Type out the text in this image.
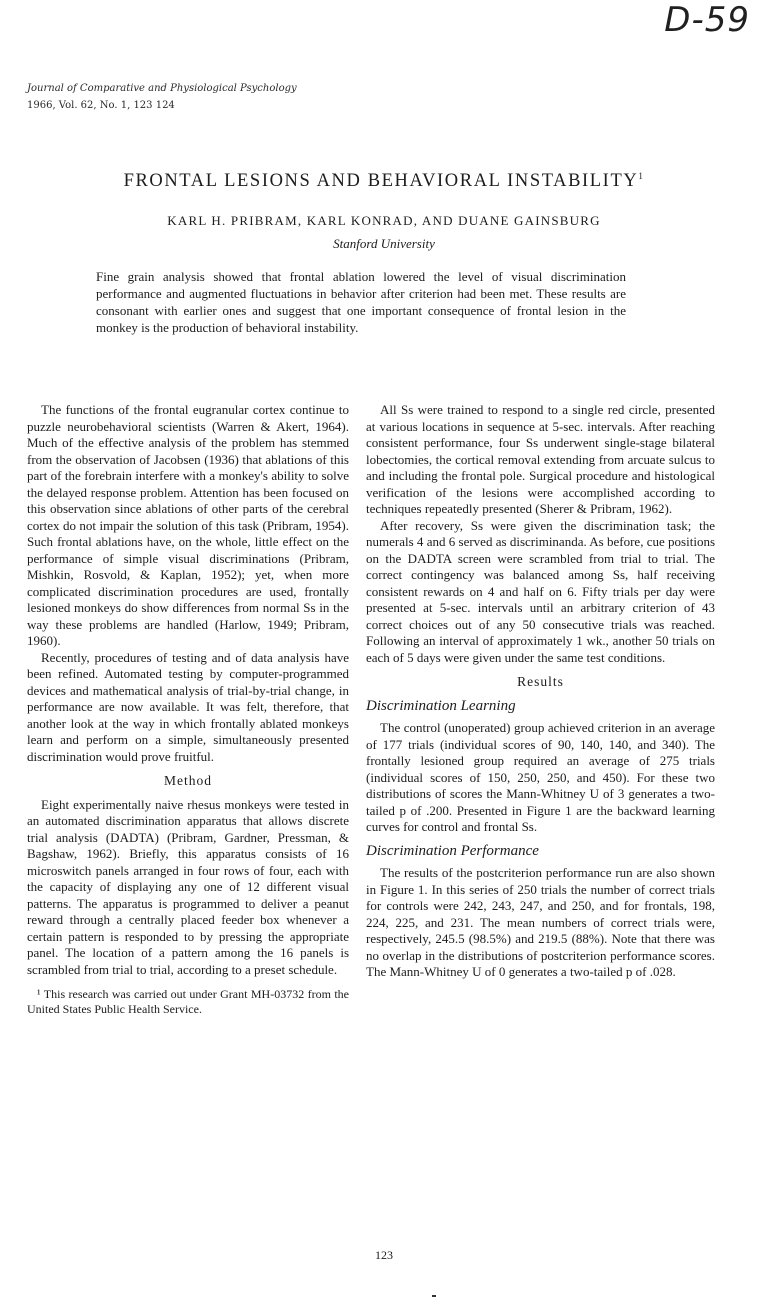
D-59
Journal of Comparative and Physiological Psychology
1966, Vol. 62, No. 1, 123 124
FRONTAL LESIONS AND BEHAVIORAL INSTABILITY$^1$
KARL H. PRIBRAM, KARL KONRAD, AND DUANE GAINSBURG
Stanford University
Fine grain analysis showed that frontal ablation lowered the level of visual discrimination performance and augmented fluctuations in behavior after criterion had been met. These results are consonant with earlier ones and suggest that one important consequence of frontal lesion in the monkey is the production of behavioral instability.

The functions of the frontal eugranular cortex continue to puzzle neurobehavioral scientists (Warren & Akert, 1964). Much of the effective analysis of the problem has stemmed from the observation of Jacobsen (1936) that ablations of this part of the forebrain interfere with a monkey's ability to solve the delayed response problem. Attention has been focused on this observation since ablations of other parts of the cerebral cortex do not impair the solution of this task (Pribram, 1954). Such frontal ablations have, on the whole, little effect on the performance of simple visual discriminations (Pribram, Mishkin, Rosvold, & Kaplan, 1952); yet, when more complicated discrimination procedures are used, frontally lesioned monkeys do show differences from normal Ss in the way these problems are handled (Harlow, 1949; Pribram, 1960).

Recently, procedures of testing and of data analysis have been refined. Automated testing by computer-programmed devices and mathematical analysis of trial-by-trial change, in performance are now available. It was felt, therefore, that another look at the way in which frontally ablated monkeys learn and perform on a simple, simultaneously presented discrimination would prove fruitful.

Method

Eight experimentally naive rhesus monkeys were tested in an automated discrimination apparatus that allows discrete trial analysis (DADTA) (Pribram, Gardner, Pressman, & Bagshaw, 1962). Briefly, this apparatus consists of 16 microswitch panels arranged in four rows of four, each with the capacity of displaying any one of 12 different visual patterns. The apparatus is programmed to deliver a peanut reward through a centrally placed feeder box whenever a certain pattern is responded to by pressing the appropriate panel. The location of a pattern among the 16 panels is scrambled from trial to trial, according to a preset schedule.

¹ This research was carried out under Grant MH-03732 from the United States Public Health Service.

All Ss were trained to respond to a single red circle, presented at various locations in sequence at 5-sec. intervals. After reaching consistent performance, four Ss underwent single-stage bilateral lobectomies, the cortical removal extending from arcuate sulcus to and including the frontal pole. Surgical procedure and histological verification of the lesions were accomplished according to techniques repeatedly presented (Sherer & Pribram, 1962).

After recovery, Ss were given the discrimination task; the numerals 4 and 6 served as discriminanda. As before, cue positions on the DADTA screen were scrambled from trial to trial. The correct contingency was balanced among Ss, half receiving consistent rewards on 4 and half on 6. Fifty trials per day were presented at 5-sec. intervals until an arbitrary criterion of 43 correct choices out of any 50 consecutive trials was reached. Following an interval of approximately 1 wk., another 50 trials on each of 5 days were given under the same test conditions.

Results
Discrimination Learning

The control (unoperated) group achieved criterion in an average of 177 trials (individual scores of 90, 140, 140, and 340). The frontally lesioned group required an average of 275 trials (individual scores of 150, 250, 250, and 450). For these two distributions of scores the Mann-Whitney U of 3 generates a two-tailed p of .200. Presented in Figure 1 are the backward learning curves for control and frontal Ss.

Discrimination Performance

The results of the postcriterion performance run are also shown in Figure 1. In this series of 250 trials the number of correct trials for controls were 242, 243, 247, and 250, and for frontals, 198, 224, 225, and 231. The mean numbers of correct trials were, respectively, 245.5 (98.5%) and 219.5 (88%). Note that there was no overlap in the distributions of postcriterion performance scores. The Mann-Whitney U of 0 generates a two-tailed p of .028.

123
